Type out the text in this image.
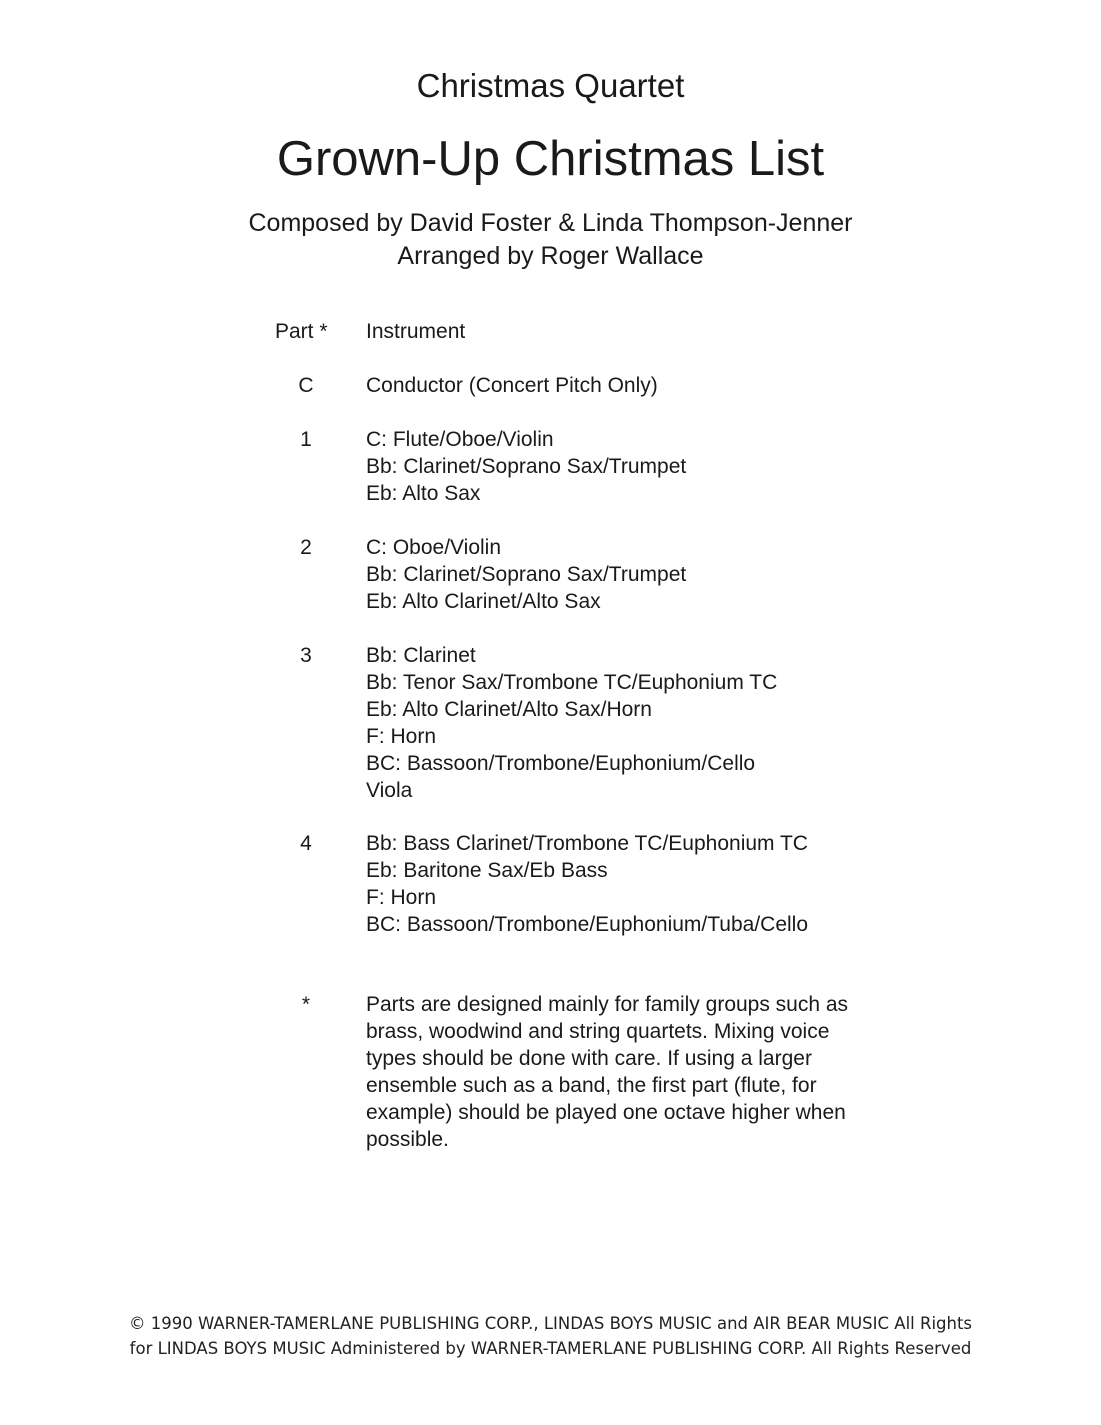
Christmas Quartet
Grown-Up Christmas List
Composed by David Foster & Linda Thompson-Jenner
Arranged by Roger Wallace
Part * Instrument
C	Conductor (Concert Pitch Only)
1	C: Flute/Oboe/Violin
Bb: Clarinet/Soprano Sax/Trumpet
Eb: Alto Sax
2	C: Oboe/Violin
Bb: Clarinet/Soprano Sax/Trumpet
Eb: Alto Clarinet/Alto Sax
3	Bb: Clarinet
Bb: Tenor Sax/Trombone TC/Euphonium TC
Eb: Alto Clarinet/Alto Sax/Horn
F: Horn
BC: Bassoon/Trombone/Euphonium/Cello
Viola
4	Bb: Bass Clarinet/Trombone TC/Euphonium TC
Eb: Baritone Sax/Eb Bass
F: Horn
BC: Bassoon/Trombone/Euphonium/Tuba/Cello
*	Parts are designed mainly for family groups such as
brass, woodwind and string quartets. Mixing voice
types should be done with care. If using a larger
ensemble such as a band, the first part (flute, for
example) should be played one octave higher when
possible.
© 1990 WARNER-TAMERLANE PUBLISHING CORP., LINDAS BOYS MUSIC and AIR BEAR MUSIC All Rights
for LINDAS BOYS MUSIC Administered by WARNER-TAMERLANE PUBLISHING CORP. All Rights Reserved
